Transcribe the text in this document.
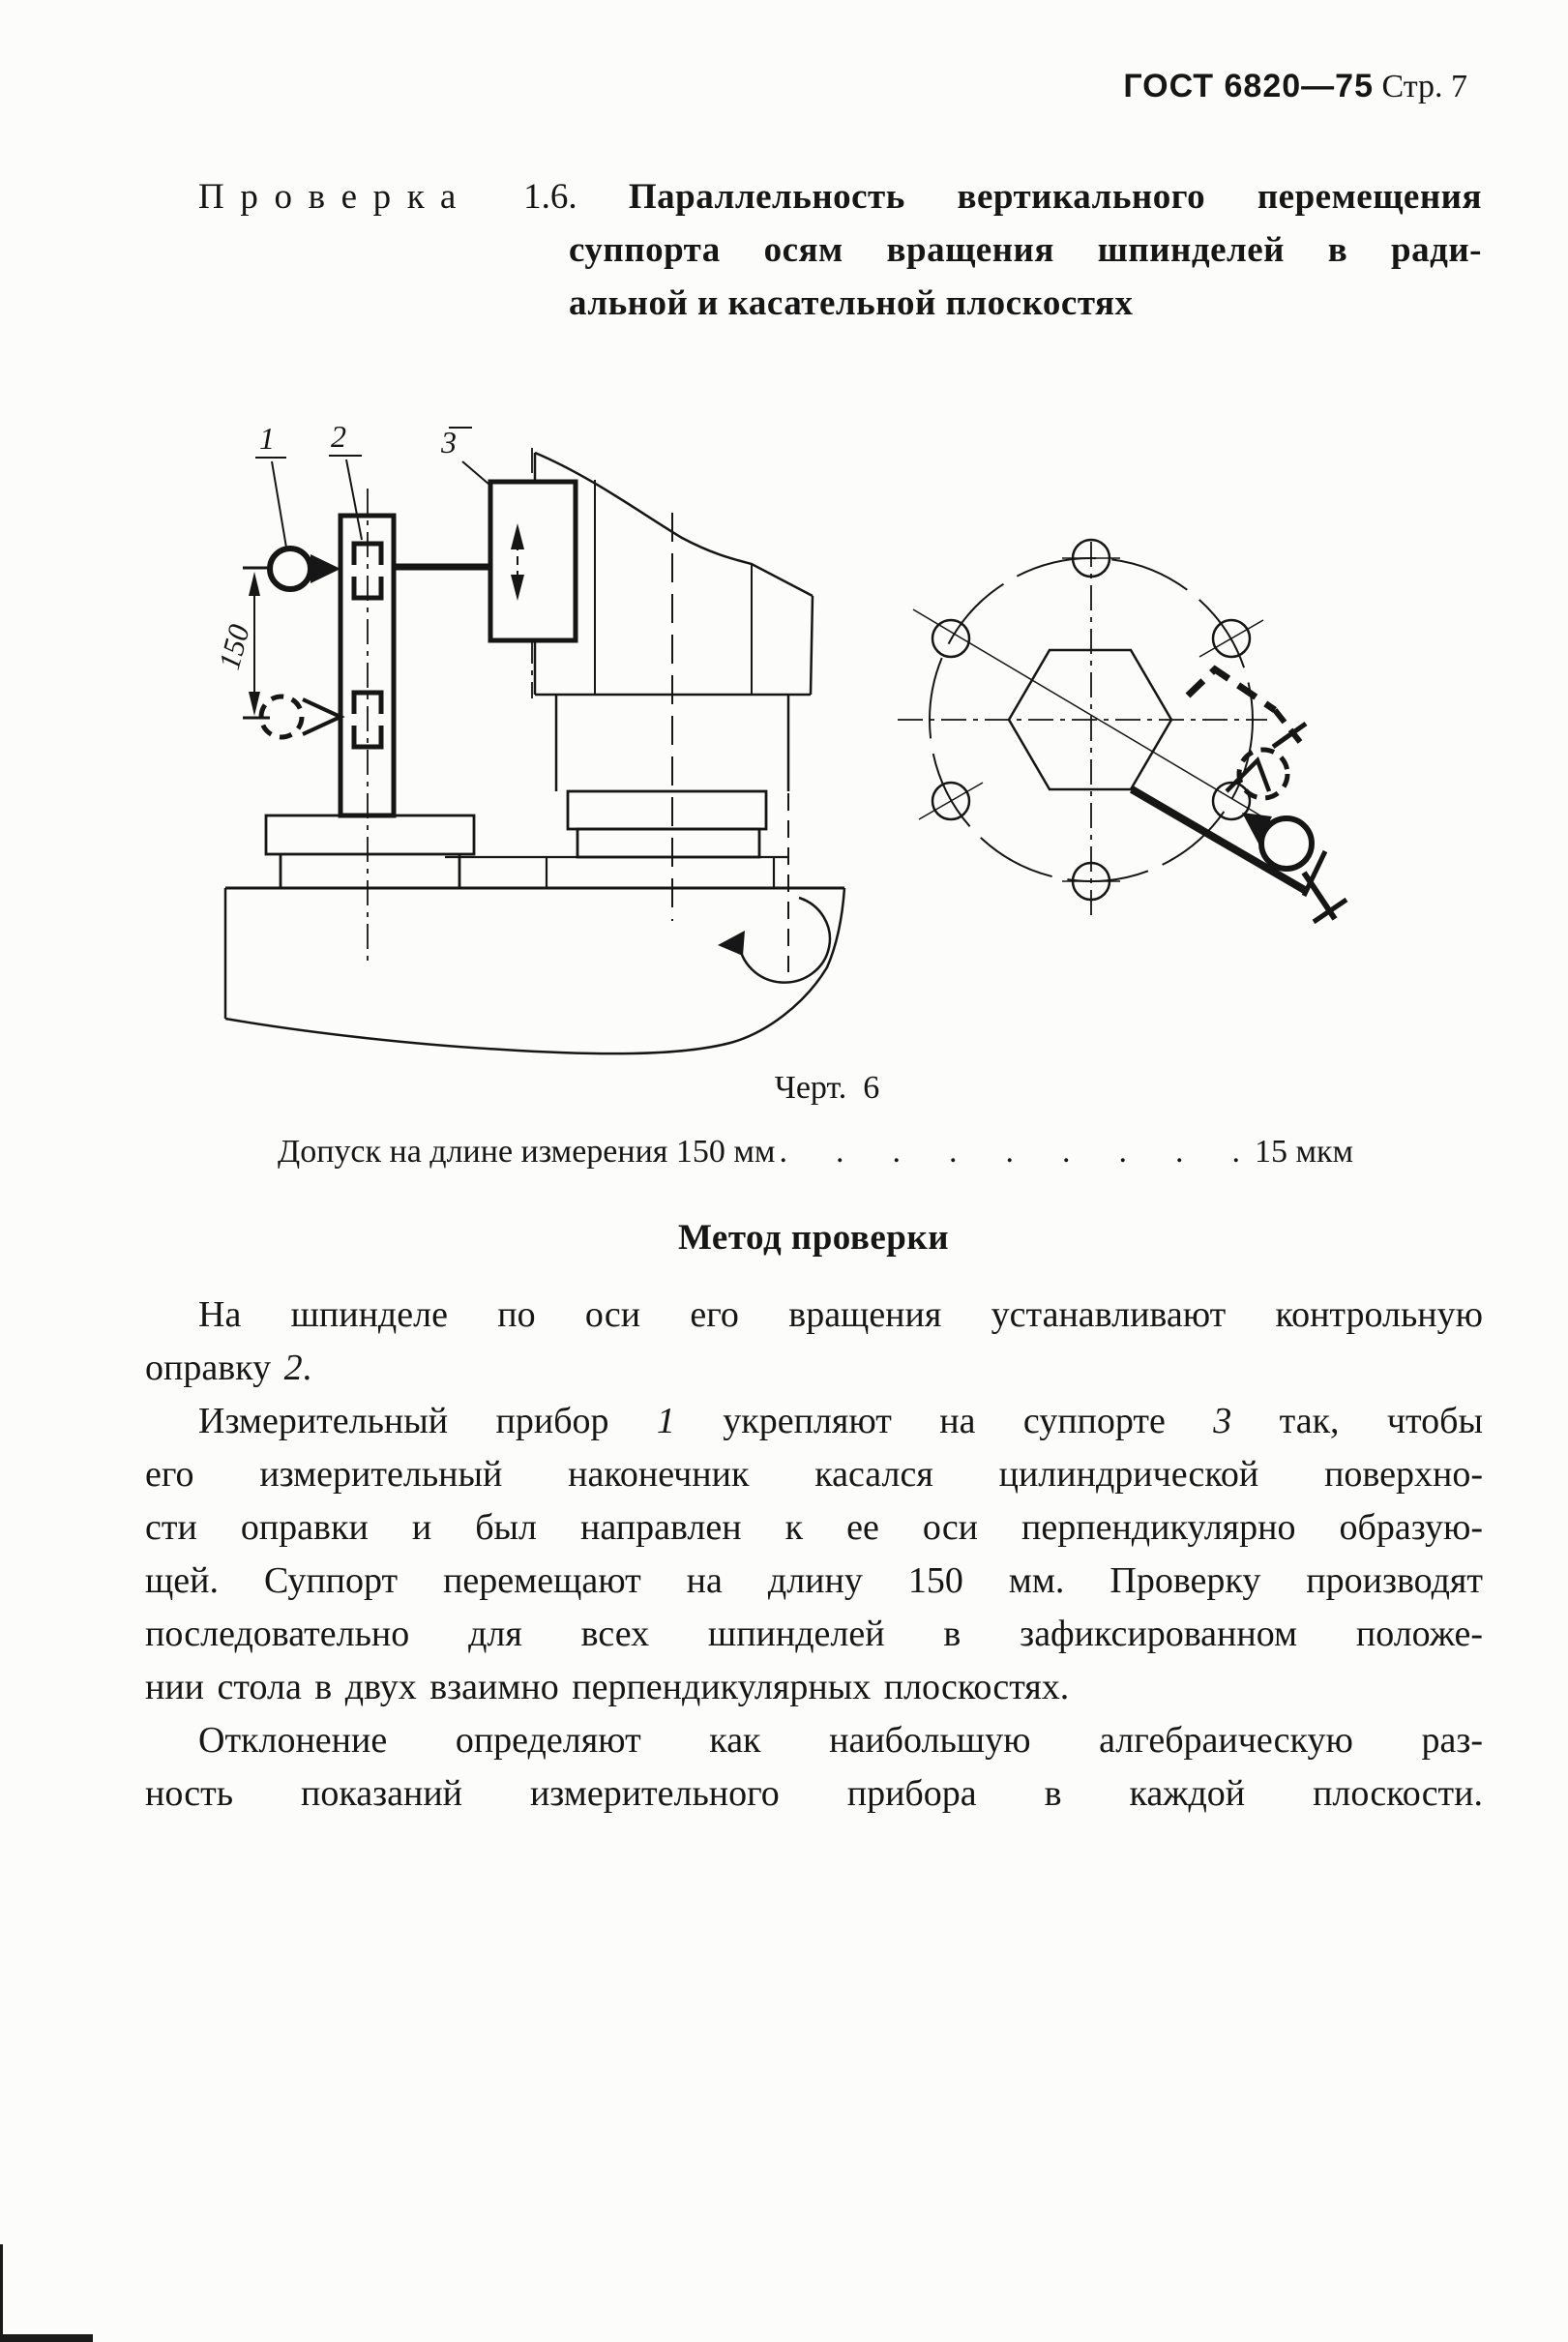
ГОСТ 6820—75 Стр. 7
Проверка 1.6. Параллельность вертикального перемещения
суппорта осям вращения шпинделей в ради-
альной и касательной плоскостях
1 2	3
150
Черт.  6
Допуск на длине измерения 150 мм .  .  .  .  .  .  .  .  . 15 мкм
Метод проверки
На шпинделе по оси его вращения устанавливают контрольную
оправку 2.
Измерительный прибор 1 укрепляют на суппорте 3 так, чтобы
его измерительный наконечник касался цилиндрической поверхно-
сти оправки и был направлен к ее оси перпендикулярно образую-
щей. Суппорт перемещают на длину 150 мм. Проверку производят
последовательно для всех шпинделей в зафиксированном положе-
нии стола в двух взаимно перпендикулярных плоскостях.
Отклонение определяют как наибольшую алгебраическую раз-
ность показаний измерительного прибора в каждой плоскости.
